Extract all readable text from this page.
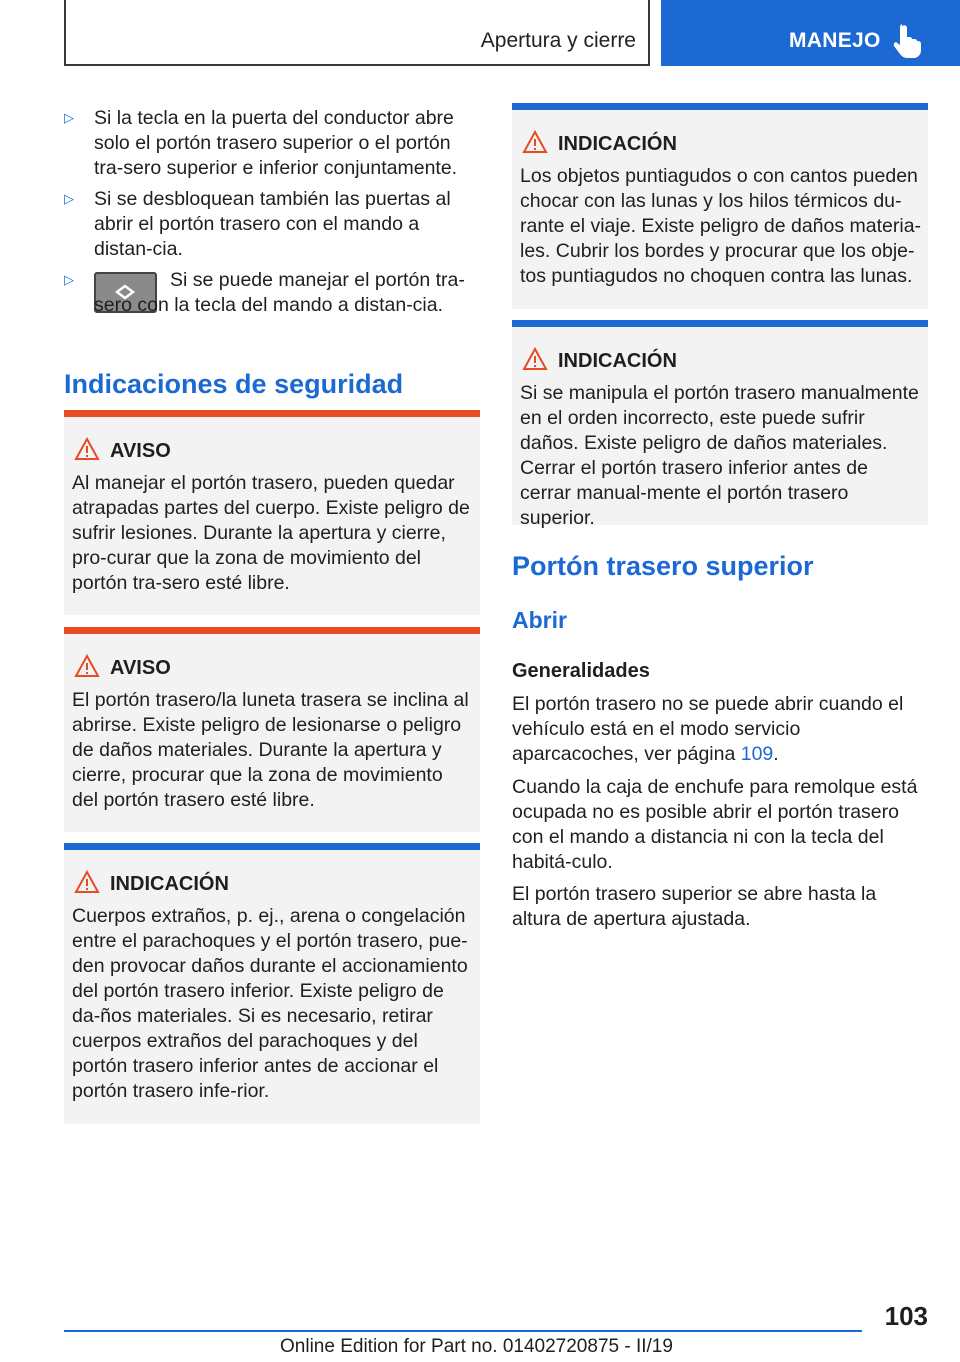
Apertura y cierre	MANEJO
▷ Si la tecla en la puerta del conductor abre solo el portón trasero superior o el portón tra-sero superior e inferior conjuntamente.
▷ Si se desbloquean también las puertas al abrir el portón trasero con el mando a distan-cia.
▷	Si se puede manejar el portón tra-sero con la tecla del mando a distan-cia.
Indicaciones de seguridad
AVISO
Al manejar el portón trasero, pueden quedar atrapadas partes del cuerpo. Existe peligro de sufrir lesiones. Durante la apertura y cierre, pro-curar que la zona de movimiento del portón tra-sero esté libre.
AVISO
El portón trasero/la luneta trasera se inclina al abrirse. Existe peligro de lesionarse o peligro de daños materiales. Durante la apertura y cierre, procurar que la zona de movimiento del portón trasero esté libre.
INDICACIÓN
Cuerpos extraños, p. ej., arena o congelación entre el parachoques y el portón trasero, pue-den provocar daños durante el accionamiento del portón trasero inferior. Existe peligro de da-ños materiales. Si es necesario, retirar cuerpos extraños del parachoques y del portón trasero inferior antes de accionar el portón trasero infe-rior.
INDICACIÓN
Los objetos puntiagudos o con cantos pueden chocar con las lunas y los hilos térmicos du-rante el viaje. Existe peligro de daños materia-les. Cubrir los bordes y procurar que los obje-tos puntiagudos no choquen contra las lunas.
INDICACIÓN
Si se manipula el portón trasero manualmente en el orden incorrecto, este puede sufrir daños. Existe peligro de daños materiales. Cerrar el portón trasero inferior antes de cerrar manual-mente el portón trasero superior.
Portón trasero superior
Abrir
Generalidades
El portón trasero no se puede abrir cuando el vehículo está en el modo servicio aparcacoches, ver página 109.
Cuando la caja de enchufe para remolque está ocupada no es posible abrir el portón trasero con el mando a distancia ni con la tecla del habitá-culo.
El portón trasero superior se abre hasta la altura de apertura ajustada.
103
Online Edition for Part no. 01402720875 - II/19
